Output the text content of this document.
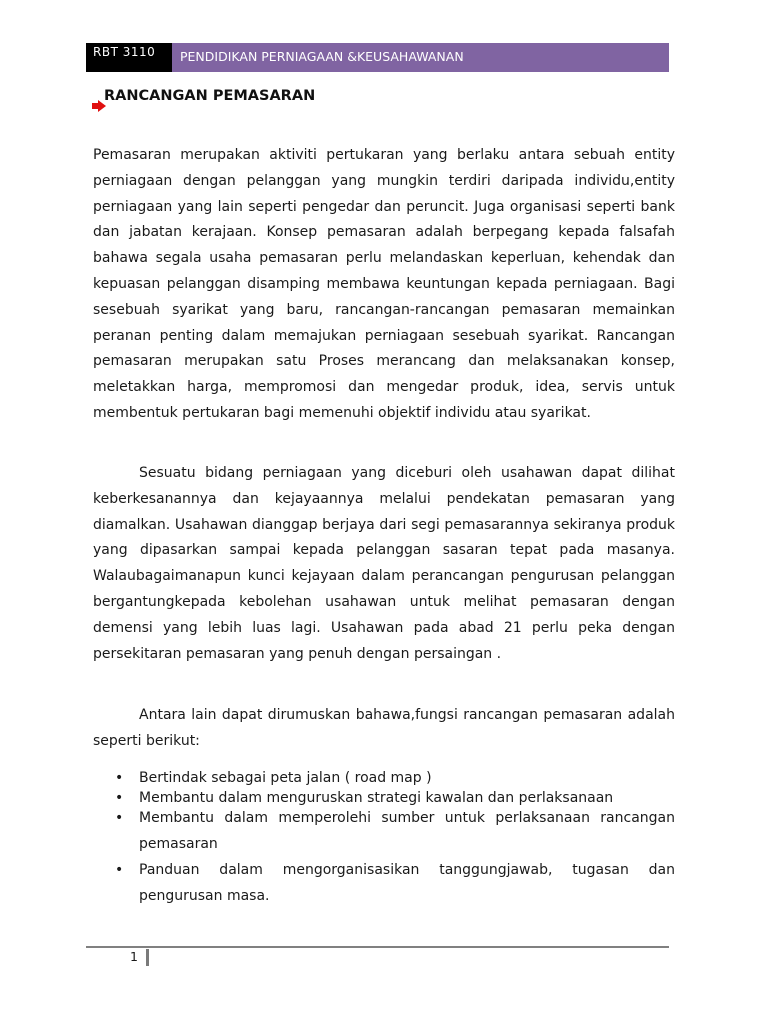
RBT 3110	PENDIDIKAN PERNIAGAAN &KEUSAHAWANAN
RANCANGAN PEMASARAN

Pemasaran merupakan aktiviti pertukaran yang berlaku antara sebuah entity perniagaan dengan pelanggan yang mungkin terdiri daripada individu,entity perniagaan yang lain seperti pengedar dan peruncit. Juga organisasi seperti bank dan jabatan kerajaan. Konsep pemasaran adalah berpegang kepada falsafah bahawa segala usaha pemasaran perlu melandaskan keperluan, kehendak dan kepuasan pelanggan disamping membawa keuntungan kepada perniagaan. Bagi sesebuah syarikat yang baru, rancangan-rancangan pemasaran memainkan peranan penting dalam memajukan perniagaan sesebuah syarikat. Rancangan pemasaran merupakan satu Proses merancang dan melaksanakan konsep, meletakkan harga, mempromosi dan mengedar produk, idea, servis untuk membentuk pertukaran bagi memenuhi objektif individu atau syarikat.

Sesuatu bidang perniagaan yang diceburi oleh usahawan dapat dilihat keberkesanannya dan kejayaannya melalui pendekatan pemasaran yang diamalkan. Usahawan dianggap berjaya dari segi pemasarannya sekiranya produk yang dipasarkan sampai kepada pelanggan sasaran tepat pada masanya. Walaubagaimanapun kunci kejayaan dalam perancangan pengurusan pelanggan bergantungkepada kebolehan usahawan untuk melihat pemasaran dengan demensi yang lebih luas lagi. Usahawan pada abad 21 perlu peka dengan persekitaran pemasaran yang penuh dengan persaingan .

Antara lain dapat dirumuskan bahawa,fungsi rancangan pemasaran adalah seperti berikut:

• Bertindak sebagai peta jalan ( road map )
• Membantu dalam menguruskan strategi kawalan dan perlaksanaan
• Membantu dalam memperolehi sumber untuk perlaksanaan rancangan pemasaran
• Panduan dalam mengorganisasikan tanggungjawab, tugasan dan pengurusan masa.
1
